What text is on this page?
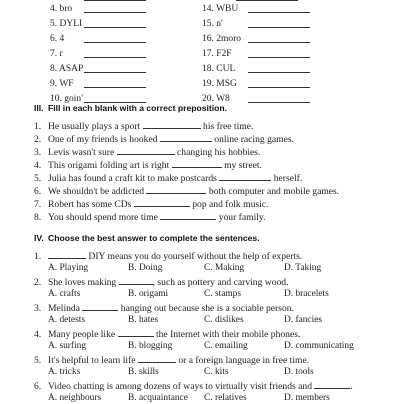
4. bro
5. DYLI
6. 4
7. r
8. ASAP
9. WF
10. goin'
14. WBU
15. n'
16. 2moro
17. F2F
18. CUL
19. MSG
20. W8
III. Fill in each blank with a correct preposition.
1. He usually plays a sport	his free time.
2. One of my friends is hooked	online racing games.
3. Levis wasn't sure	changing his hobbies.
4. This origami folding art is right	my street.
5. Julia has found a craft kit to make postcards	herself.
6. We shouldn't be addicted	both computer and mobile games.
7. Robert has some CDs	pop and folk music.
8. You should spend more time	your family.
IV. Choose the best answer to complete the sentences.
1.	DIY means you do yourself without the help of experts.
A. Playing	B. Doing	C. Making	D. Taking
2. She loves making	, such as pottery and carving wood.
A. crafts	B. origami	C. stamps	D. bracelets
3. Melinda	hanging out because she is a sociable person.
A. detests	B. hates	C. dislikes	D. fancies
4. Many people like	the Internet with their mobile phones.
A. surfing	B. blogging	C. emailing	D. communicating
5. It's helpful to learn life	or a foreign language in free time.
A. tricks	B. skills	C. kits	D. tools
6. Video chatting is among dozens of ways to virtually visit friends and	.
A. neighbours	B. acquaintance C. relatives	D. members
